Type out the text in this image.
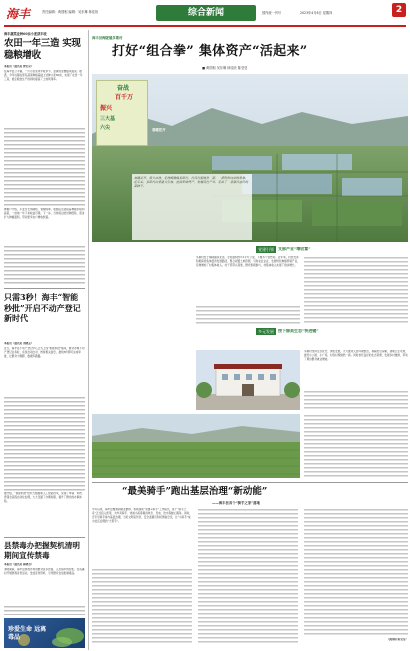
海丰	责任编辑：黄国相 编辑：吴东琳 林佳欣	综合新闻	国内统一刊号	2023年4月6日 星期四	2
海丰蔬菜业种60亩小麦获丰收
农田一年三造 实现稳粮增收
本报讯（通讯员 钟宏亮）
在海丰县公平镇，一片小麦迎来丰收季节，金黄的麦穗随风摇曳。据悉，今年该镇在原有蔬菜种植基础上试种小麦60亩，实现了农田一年三造，稳定粮食生产的同时提高了土地利用率。
种植户介绍，小麦生长周期短、管理简单，收割后还能接着种植水稻和蔬菜，一亩地一年下来收益可观。下一步，当地将总结试种经验，逐步扩大种植面积，带动更多农户增收致富。
只需3秒！海丰“智能秒批”开启不动产登记新时代
本报讯（通讯员 刘晓芸）
近日，海丰县不动产登记中心正式上线“智能秒批”服务，群众办理不动产登记业务时，系统自动比对、核验相关信息，最快3秒即可完成审批，让群众少跑腿、数据多跑路。
据介绍，“智能秒批”依托大数据和人工智能技术，实现了申请、审核、登簿全流程自动化处理，大大压缩了办理时限，提升了群众的办事体验。
县禁毒办把握契机清明期间宣传禁毒
本报讯（通讯员 林晓君）
清明期间，海丰县禁毒办利用群众返乡祭祖、人员集中的契机，在各镇村开展禁毒宣传活动，发放宣传资料，引导群众自觉抵制毒品。
珍爱生命 远离毒品
海丰县梅陇镇多斯村
打好“组合拳” 集体资产“活起来”
■ 黄国相 吴东琳 林佳欣 陈莹莹
奋战
百千万
振兴
三大基
六尖	春暖花开
春暖花开，低头奋进。走进梅陇镇多斯村，村容村貌焕然一新，一派欣欣向荣的景象。近年来，多斯村以党建为引领，盘活集体资产，发展特色产业，走出了一条强村富民的新路子。
党建引领	支部产业“增收富”
多斯村位于梅陇镇东北部，全村面积约3.2平方公里，下辖多个自然村。近年来，村党支部积极探索集体经济发展路径，整合闲置土地资源，引进农业企业，发展特色种植养殖产业，有效增加了村集体收入。村干部带头谋划，群众积极参与，村集体收入实现了稳步增长。
多元发展	按下绿美生态“快进键”
多斯村坚持生态优先、绿色发展，大力推进人居环境整治，拆除危旧房屋，清理卫生死角，建设小公园、小广场，村容村貌焕然一新。同时依托良好的生态资源，发展乡村旅游，带动了周边群众就业增收。
“最美骑手”跑出基层治理“新动能”
——海丰县首个“骑手之家”落地
今年以来，海丰县聚焦新就业群体，积极探索“党建+骑手”工作模式，首个“骑手之家”正式投入使用，为外卖骑手、快递小哥等提供休息、充电、饮水等暖心服务。同时，还引导骑手参与基层治理，当好文明宣传员、安全监督员和民情信息员，让“小骑手”成为社区治理的“大帮手”。
（黄国相 陈莹莹）
